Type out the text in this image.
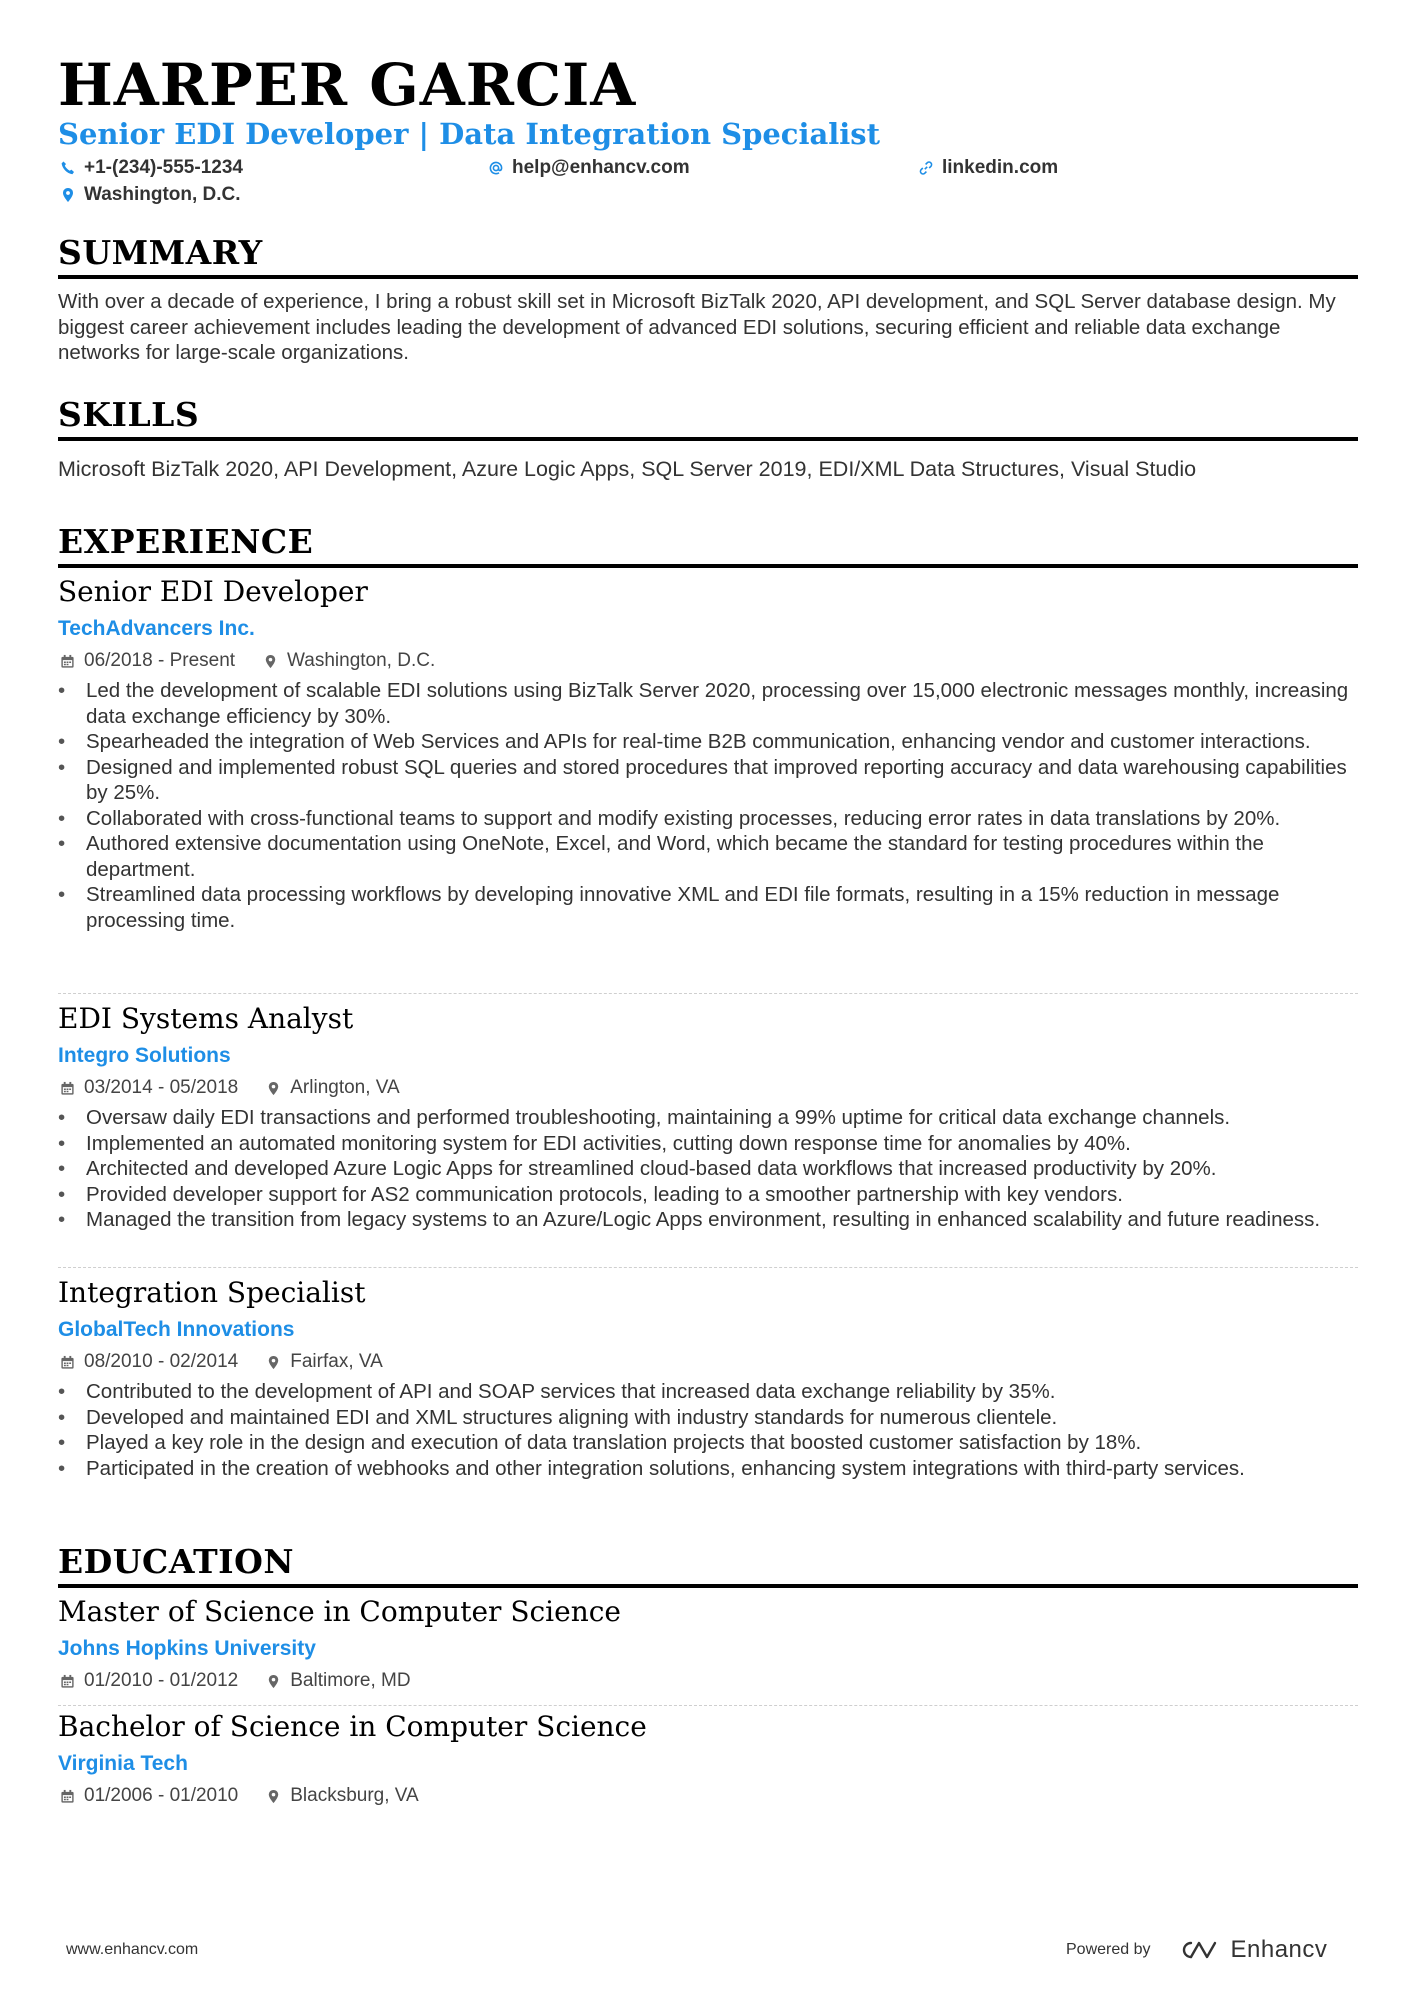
HARPER GARCIA
Senior EDI Developer | Data Integration Specialist
+1-(234)-555-1234	help@enhancv.com	linkedin.com
Washington, D.C.
SUMMARY

With over a decade of experience, I bring a robust skill set in Microsoft BizTalk 2020, API development, and SQL Server database design. My biggest career achievement includes leading the development of advanced EDI solutions, securing efficient and reliable data exchange networks for large-scale organizations.

SKILLS

Microsoft BizTalk 2020, API Development, Azure Logic Apps, SQL Server 2019, EDI/XML Data Structures, Visual Studio

EXPERIENCE
Senior EDI Developer
TechAdvancers Inc.
06/2018 - Present	Washington, D.C.
• Led the development of scalable EDI solutions using BizTalk Server 2020, processing over 15,000 electronic messages monthly, increasing data exchange efficiency by 30%.
• Spearheaded the integration of Web Services and APIs for real-time B2B communication, enhancing vendor and customer interactions.
• Designed and implemented robust SQL queries and stored procedures that improved reporting accuracy and data warehousing capabilities by 25%.
• Collaborated with cross-functional teams to support and modify existing processes, reducing error rates in data translations by 20%.
• Authored extensive documentation using OneNote, Excel, and Word, which became the standard for testing procedures within the department.
• Streamlined data processing workflows by developing innovative XML and EDI file formats, resulting in a 15% reduction in message processing time.
EDI Systems Analyst
Integro Solutions
03/2014 - 05/2018	Arlington, VA
• Oversaw daily EDI transactions and performed troubleshooting, maintaining a 99% uptime for critical data exchange channels.
• Implemented an automated monitoring system for EDI activities, cutting down response time for anomalies by 40%.
• Architected and developed Azure Logic Apps for streamlined cloud-based data workflows that increased productivity by 20%.
• Provided developer support for AS2 communication protocols, leading to a smoother partnership with key vendors.
• Managed the transition from legacy systems to an Azure/Logic Apps environment, resulting in enhanced scalability and future readiness.
Integration Specialist
GlobalTech Innovations
08/2010 - 02/2014	Fairfax, VA
• Contributed to the development of API and SOAP services that increased data exchange reliability by 35%.
• Developed and maintained EDI and XML structures aligning with industry standards for numerous clientele.
• Played a key role in the design and execution of data translation projects that boosted customer satisfaction by 18%.
• Participated in the creation of webhooks and other integration solutions, enhancing system integrations with third-party services.
EDUCATION
Master of Science in Computer Science
Johns Hopkins University
01/2010 - 01/2012	Baltimore, MD
Bachelor of Science in Computer Science
Virginia Tech
01/2006 - 01/2010	Blacksburg, VA
www.enhancv.com	Powered by	Enhancv
